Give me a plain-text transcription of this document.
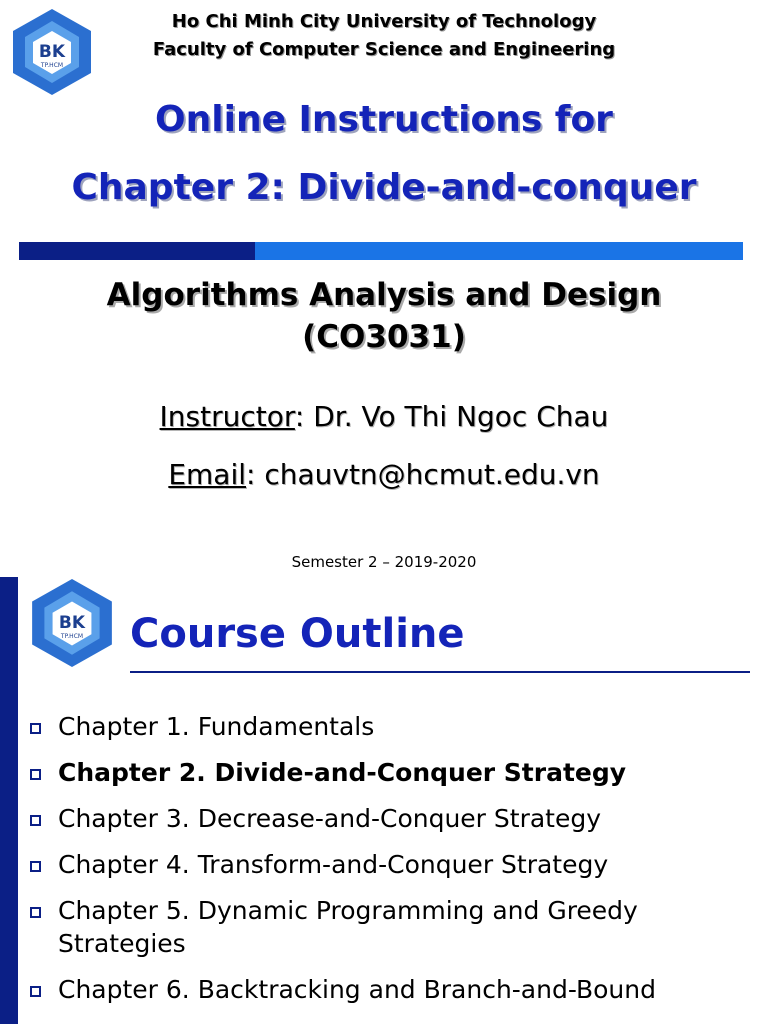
BK
TP.HCM
Ho Chi Minh City University of Technology
Faculty of Computer Science and Engineering
Online Instructions for
Chapter 2: Divide-and-conquer
Algorithms Analysis and Design
(CO3031)
Instructor: Dr. Vo Thi Ngoc Chau
Email: chauvtn@hcmut.edu.vn
Semester 2 – 2019-2020
BK
TP.HCM	Course Outline
Chapter 1. Fundamentals
Chapter 2. Divide-and-Conquer Strategy
Chapter 3. Decrease-and-Conquer Strategy
Chapter 4. Transform-and-Conquer Strategy
Chapter 5. Dynamic Programming and Greedy Strategies
Chapter 6. Backtracking and Branch-and-Bound
